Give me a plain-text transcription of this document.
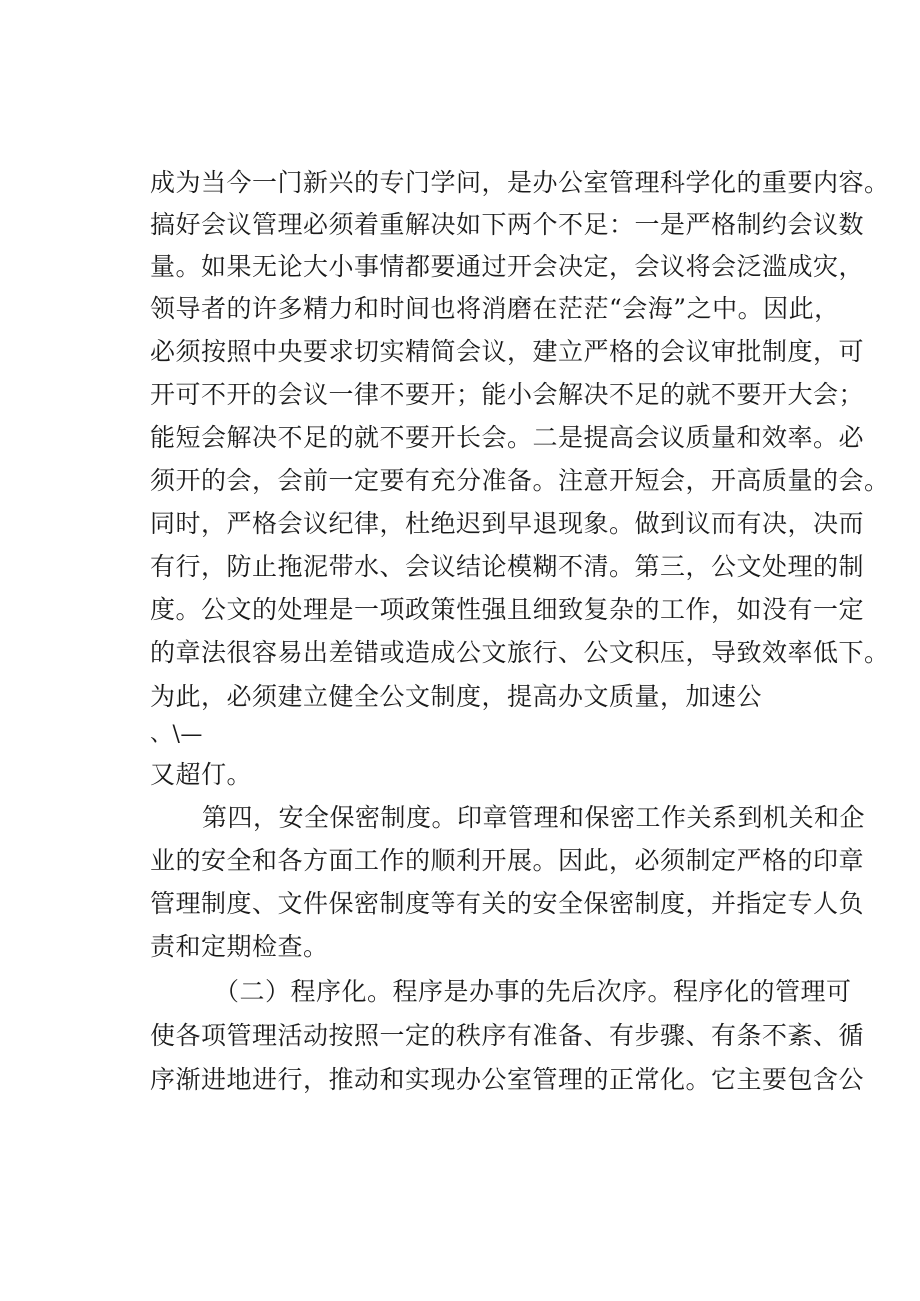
成为当今一门新兴的专门学问，是办公室管理科学化的重要内容。
搞好会议管理必须着重解决如下两个不足：一是严格制约会议数
量。如果无论大小事情都要通过开会决定，会议将会泛滥成灾，
领导者的许多精力和时间也将消磨在茫茫“会海”之中。因此，
必须按照中央要求切实精简会议，建立严格的会议审批制度，可
开可不开的会议一律不要开；能小会解决不足的就不要开大会；
能短会解决不足的就不要开长会。二是提高会议质量和效率。必
须开的会，会前一定要有充分准备。注意开短会，开高质量的会。
同时，严格会议纪律，杜绝迟到早退现象。做到议而有决，决而
有行，防止拖泥带水、会议结论模糊不清。第三，公文处理的制
度。公文的处理是一项政策性强且细致复杂的工作，如没有一定
的章法很容易出差错或造成公文旅行、公文积压，导致效率低下。
为此，必须建立健全公文制度，提高办文质量，加速公
、\—
又超仃。
第四，安全保密制度。印章管理和保密工作关系到机关和企
业的安全和各方面工作的顺利开展。因此，必须制定严格的印章
管理制度、文件保密制度等有关的安全保密制度，并指定专人负
责和定期检查。
（二）程序化。程序是办事的先后次序。程序化的管理可
使各项管理活动按照一定的秩序有准备、有步骤、有条不紊、循
序渐进地进行，推动和实现办公室管理的正常化。它主要包含公
